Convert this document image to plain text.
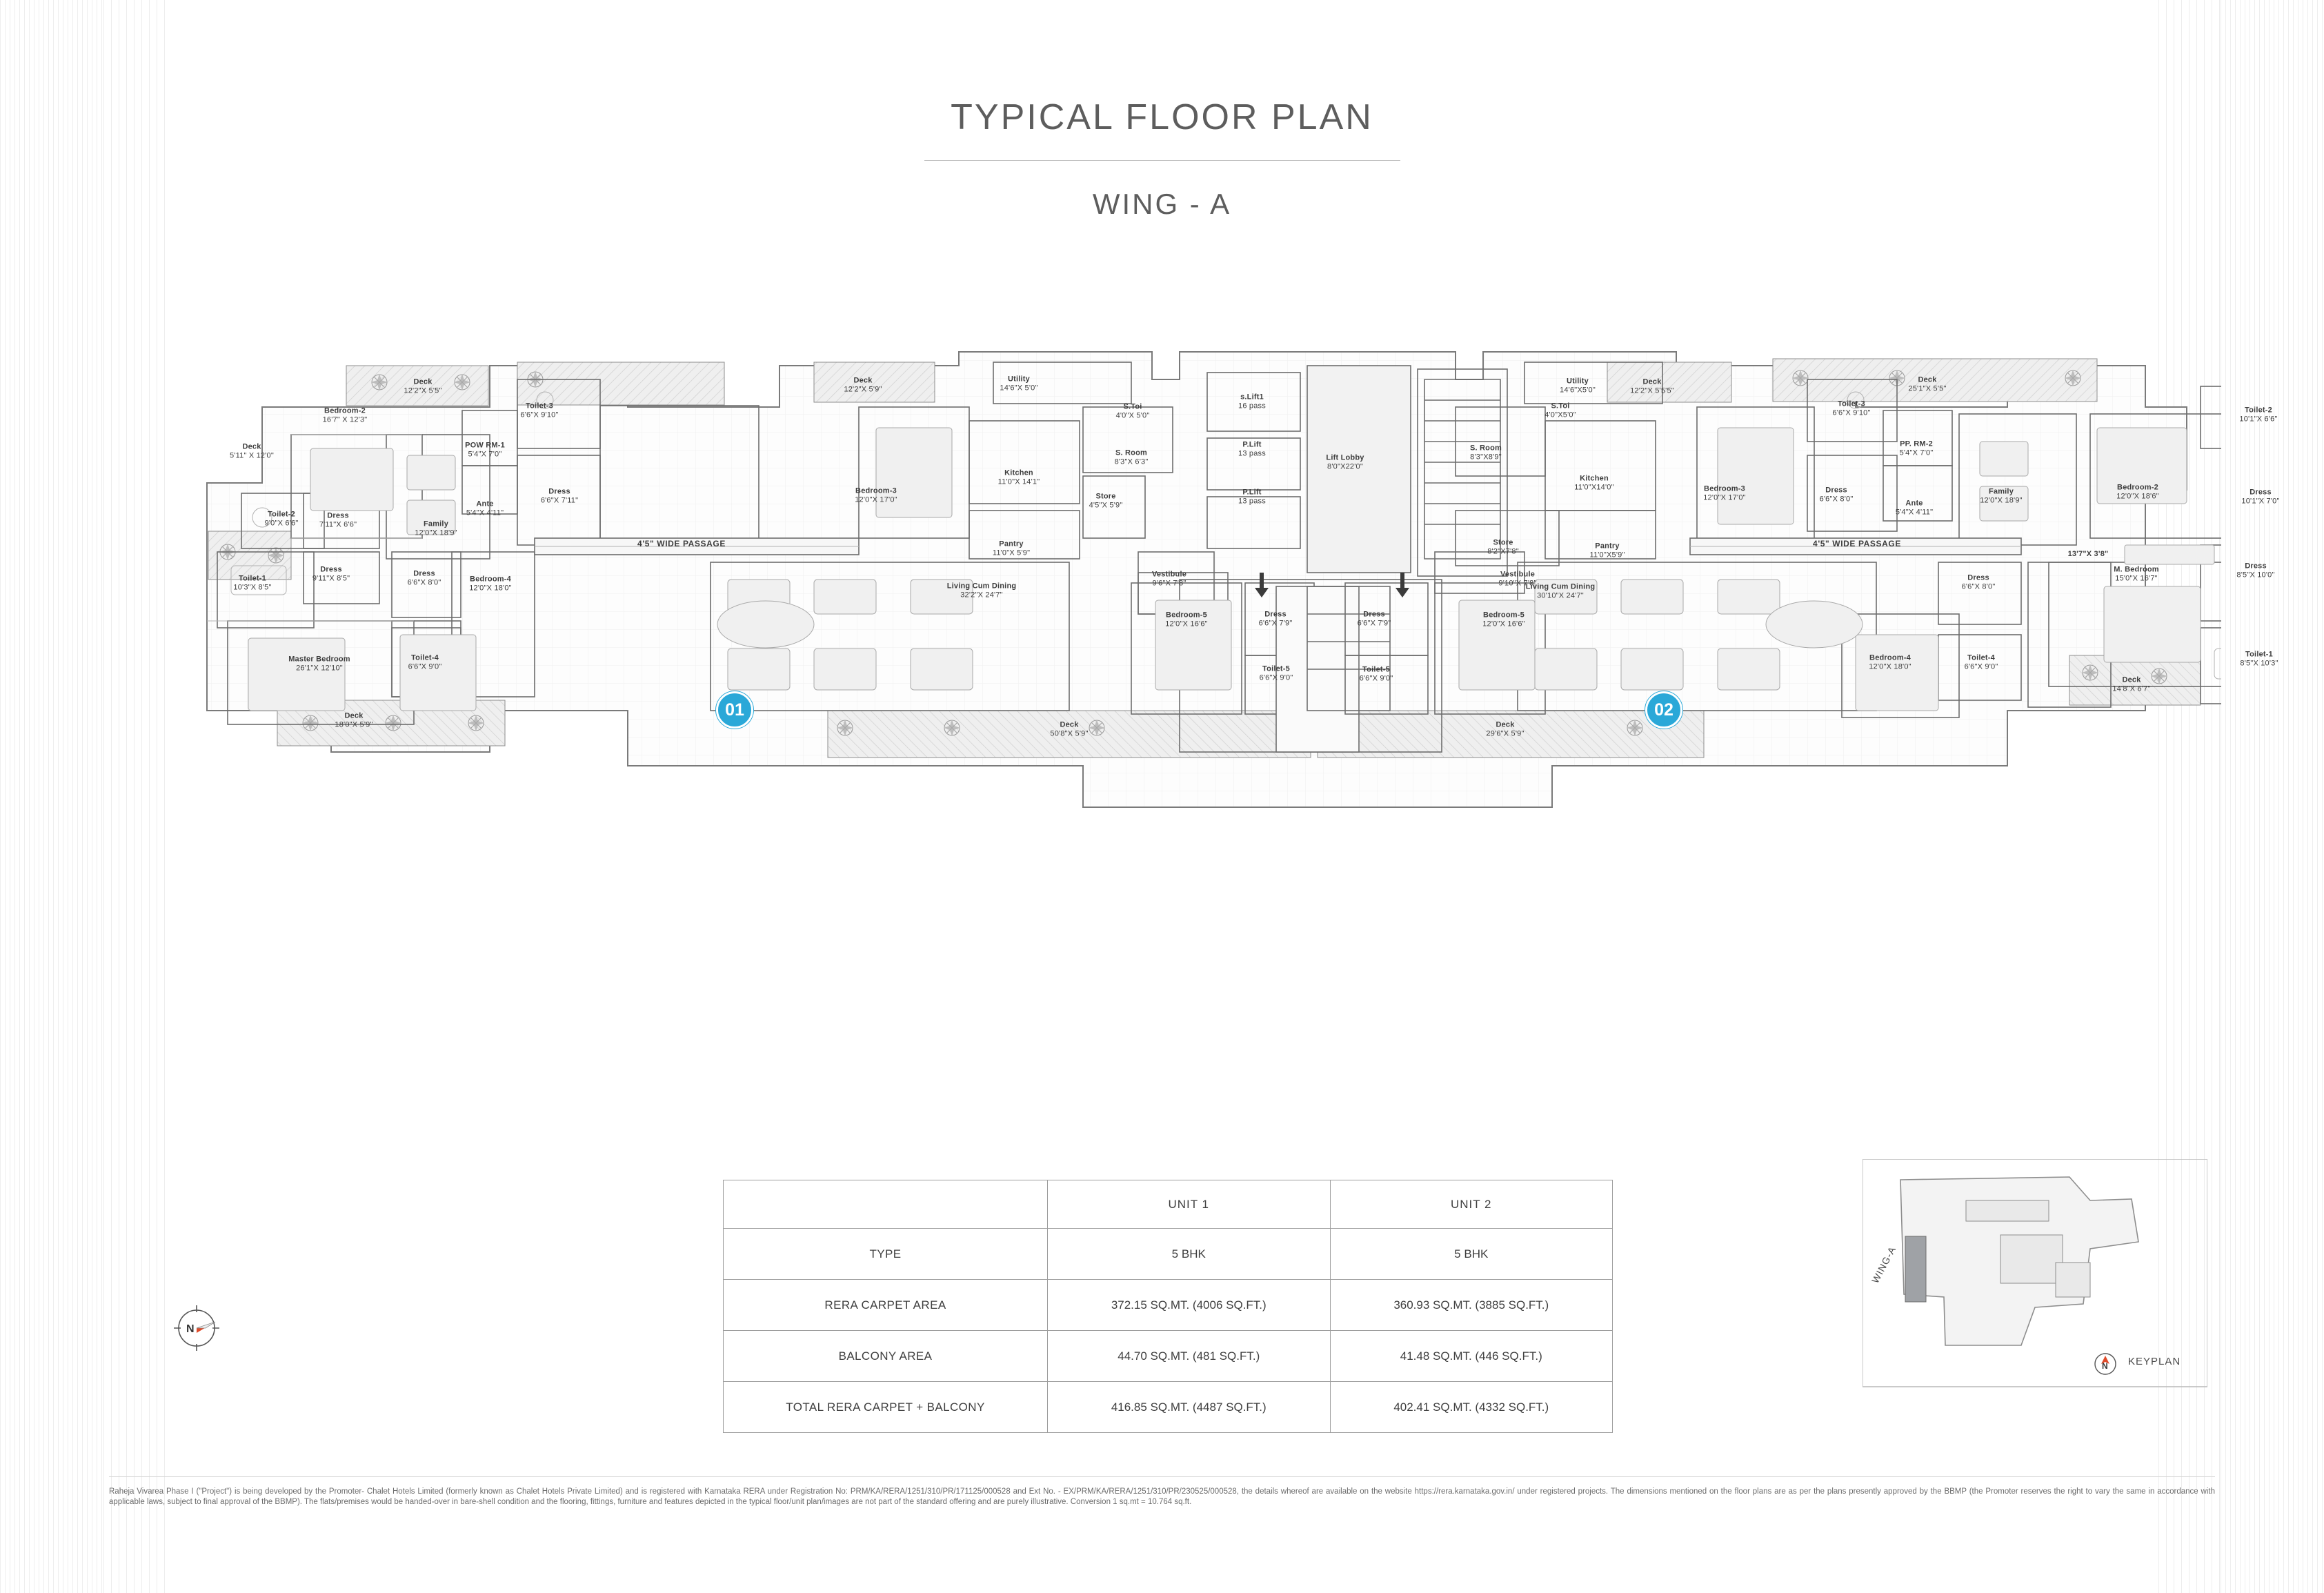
TYPICAL FLOOR PLAN
WING - A
01	02
Deck
5'11" X 12'0"
Bedroom-2
16'7" X 12'3"
Deck
12'2"X 5'5"
Toilet-2
9'0"X 6'6"
Dress
7'11"X 6'6"	Family
12'0"X 18'9"
POW RM-1
5'4"X 7'0"
Ante
5'4"X 4'11"
Toilet-3
6'6"X 9'10"
Dress
6'6"X 7'11"
Toilet-1
10'3"X 8'5"
Dress
9'11"X 8'5"
Master Bedroom
26'1"X 12'10"
Dress
6'6"X 8'0"	Bedroom-4
12'0"X 18'0"
Toilet-4
6'6"X 9'0"
Deck
18'0"X 5'9"
Deck
12'2"X 5'9"
Bedroom-3
12'0"X 17'0"
Kitchen
11'0"X 14'1"
Pantry
11'0"X 5'9"
Store
4'5"X 5'9"
S. Room
8'3"X 6'3"
Utility
14'6"X 5'0"
4'5" WIDE PASSAGE
Living Cum Dining
32'2"X 24'7"
Deck
50'8"X 5'9"
Bedroom-5
12'0"X 16'6"
Dress
6'6"X 7'9"
Vestibule
9'6"X 7'8"
Toilet-5
6'6"X 9'0"
s.Lift1
16 pass
P.Lift
13 pass
P.Lift
13 pass
Lift Lobby
8'0"X22'0"
S.Toi
4'0"X 5'0"
S.Toi
4'0"X5'0"
Deck
12'2"X 5'5'5"
Deck
25'1"X 5'5"
Utility
14'6"X5'0"
S. Room
8'3"X8'9"
Kitchen
11'0"X14'0"
Pantry
11'0"X5'9"
Store
8'2"X7'8"
Bedroom-3
12'0"X 17'0"
Toilet-3
6'6"X 9'10"
Dress
6'6"X 8'0"
PP. RM-2
5'4"X 7'0"
Ante
5'4"X 4'11"
Family
12'0"X 18'9"
Bedroom-2
12'0"X 18'6"
Toilet-2
10'1"X 6'6"
Dress
10'1"X 7'0"
4'5" WIDE PASSAGE
13'7"X 3'8"
M. Bedroom
15'0"X 16'7"
Dress
8'5"X 10'0"
Dress
6'6"X 8'0"
Toilet-4
6'6"X 9'0"
Toilet-1
8'5"X 10'3"
Bedroom-4
12'0"X 18'0"
Deck
14'8"X 6'7"
Living Cum Dining
30'10"X 24'7"
Vestibule
9'10"X 7'8"
Bedroom-5
12'0"X 16'6"
Dress
6'6"X 7'9"
Toilet-5
6'6"X 9'0"
Deck
29'6"X 5'9"
	UNIT 1	UNIT 2
TYPE	5 BHK	5 BHK
RERA CARPET AREA	372.15 SQ.MT. (4006 SQ.FT.)	360.93 SQ.MT. (3885 SQ.FT.)
BALCONY AREA	44.70 SQ.MT. (481 SQ.FT.)	41.48 SQ.MT. (446 SQ.FT.)
TOTAL RERA CARPET + BALCONY	416.85 SQ.MT. (4487 SQ.FT.)	402.41 SQ.MT. (4332 SQ.FT.)
N
N KEYPLAN
WING-A
Raheja Vivarea Phase I ("Project") is being developed by the Promoter- Chalet Hotels Limited (formerly known as Chalet Hotels Private Limited) and is registered with Karnataka RERA under Registration No: PRM/KA/RERA/1251/310/PR/171125/000528 and Ext No. - EX/PRM/KA/RERA/1251/310/PR/230525/000528, the details whereof are available on the website https://rera.karnataka.gov.in/ under registered projects. The dimensions mentioned on the floor plans are as per the plans presently approved by the BBMP (the Promoter reserves the right to vary the same in accordance with applicable laws, subject to final approval of the BBMP). The flats/premises would be handed-over in bare-shell condition and the flooring, fittings, furniture and features depicted in the typical floor/unit plan/images are not part of the standard offering and are purely illustrative. Conversion 1 sq.mt = 10.764 sq.ft.
